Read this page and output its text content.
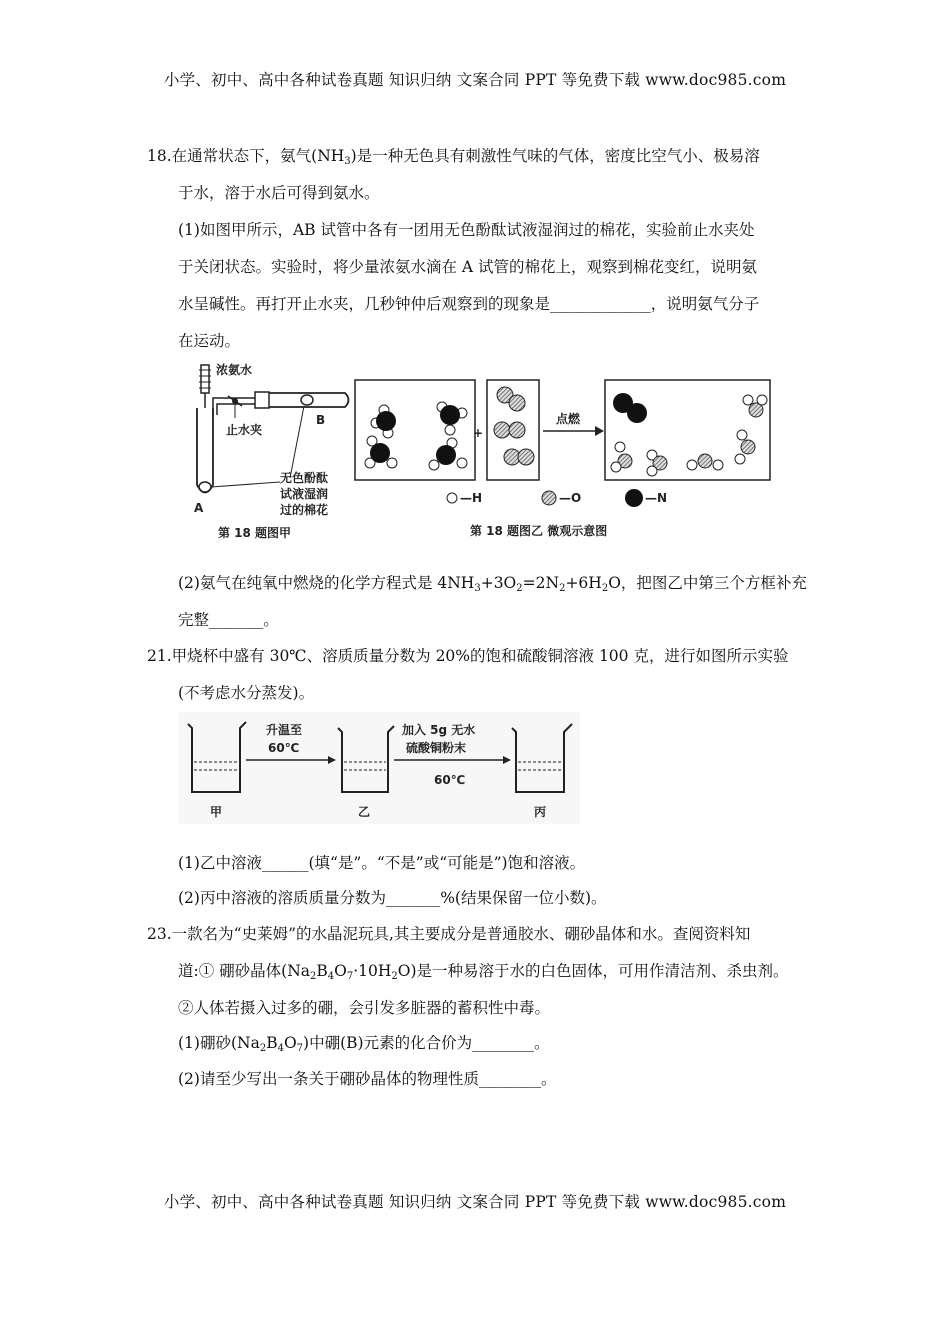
小学、初中、高中各种试卷真题 知识归纳 文案合同 PPT 等免费下载 www.doc985.com
18.在通常状态下，氨气$(NH_3)$是一种无色具有刺激性气味的气体，密度比空气小、极易溶
于水，溶于水后可得到氨水。
(1)如图甲所示，AB 试管中各有一团用无色酚酞试液湿润过的棉花，实验前止水夹处
于关闭状态。实验时，将少量浓氨水滴在 A 试管的棉花上，观察到棉花变红，说明氨
水呈碱性。再打开止水夹，几秒钟仲后观察到的现象是_____________，说明氨气分子
在运动。
浓氨水
A
止水夹
B
无色酚酞
试液湿润
过的棉花
第 18 题图甲
+
点燃
—H	—O	—N
第 18 题图乙 微观示意图
(2)氨气在纯氧中燃烧的化学方程式是 $4NH_3+3O_2=2N_2+6H_2O$，把图乙中第三个方框补充
完整_______。
21.甲烧杯中盛有 30℃、溶质质量分数为 20%的饱和硫酸铜溶液 100 克，进行如图所示实验
(不考虑水分蒸发)。
甲
升温至
60℃
乙
加入 5g 无水
硫酸铜粉末
60℃
丙
(1)乙中溶液______(填“是”。“不是”或“可能是”)饱和溶液。
(2)丙中溶液的溶质质量分数为_______%(结果保留一位小数)。
23.一款名为“史莱姆”的水晶泥玩具,其主要成分是普通胶水、硼砂晶体和水。查阅资料知
道:① 硼砂晶体$(Na_2B_4O_7\cdot 10H_2O)$是一种易溶于水的白色固体，可用作清洁剂、杀虫剂。
②人体若摄入过多的硼，会引发多脏器的蓄积性中毒。
(1)硼砂$(Na_2B_4O_7)$中硼(B)元素的化合价为________。
(2)请至少写出一条关于硼砂晶体的物理性质________。
小学、初中、高中各种试卷真题 知识归纳 文案合同 PPT 等免费下载 www.doc985.com
